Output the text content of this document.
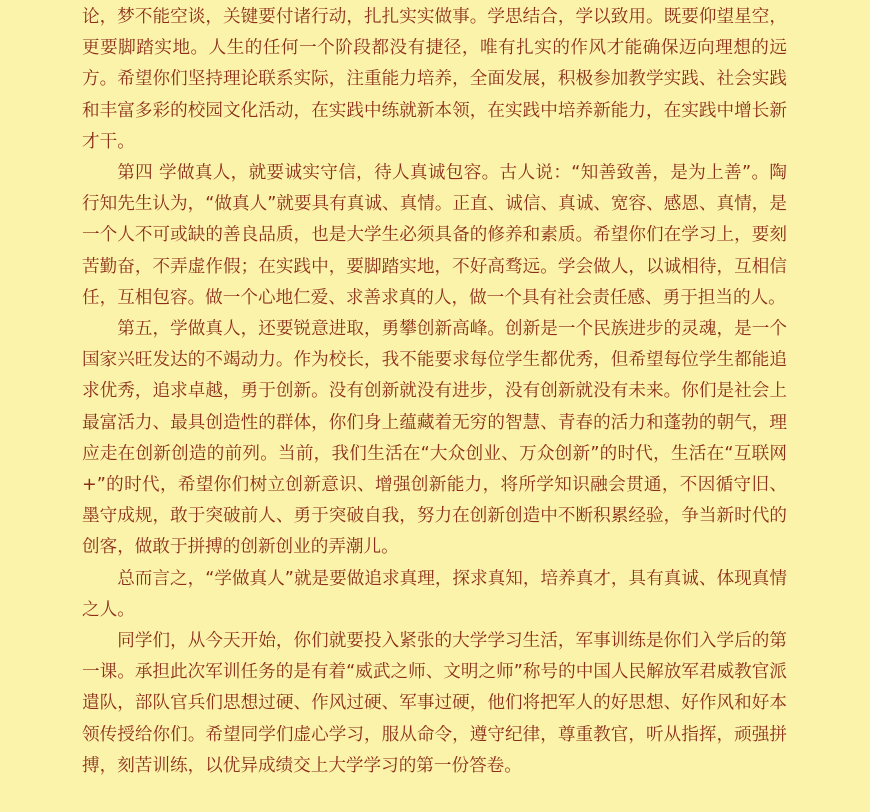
论，梦不能空谈，关键要付诸行动，扎扎实实做事。学思结合，学以致用。既要仰望星空，更要脚踏实地。人生的任何一个阶段都没有捷径，唯有扎实的作风才能确保迈向理想的远方。希望你们坚持理论联系实际，注重能力培养，全面发展，积极参加教学实践、社会实践和丰富多彩的校园文化活动，在实践中练就新本领，在实践中培养新能力，在实践中增长新才干。

第四 学做真人，就要诚实守信，待人真诚包容。古人说：“知善致善，是为上善”。陶行知先生认为，“做真人”就要具有真诚、真情。正直、诚信、真诚、宽容、感恩、真情，是一个人不可或缺的善良品质，也是大学生必须具备的修养和素质。希望你们在学习上，要刻苦勤奋，不弄虚作假；在实践中，要脚踏实地，不好高骛远。学会做人，以诚相待，互相信任，互相包容。做一个心地仁爱、求善求真的人，做一个具有社会责任感、勇于担当的人。

第五，学做真人，还要锐意进取，勇攀创新高峰。创新是一个民族进步的灵魂，是一个国家兴旺发达的不竭动力。作为校长，我不能要求每位学生都优秀，但希望每位学生都能追求优秀，追求卓越，勇于创新。没有创新就没有进步，没有创新就没有未来。你们是社会上最富活力、最具创造性的群体，你们身上蕴藏着无穷的智慧、青春的活力和蓬勃的朝气，理应走在创新创造的前列。当前，我们生活在“大众创业、万众创新”的时代，生活在“互联网+”的时代，希望你们树立创新意识、增强创新能力，将所学知识融会贯通，不因循守旧、墨守成规，敢于突破前人、勇于突破自我，努力在创新创造中不断积累经验，争当新时代的创客，做敢于拼搏的创新创业的弄潮儿。

总而言之，“学做真人”就是要做追求真理，探求真知，培养真才，具有真诚、体现真情之人。

同学们，从今天开始，你们就要投入紧张的大学学习生活，军事训练是你们入学后的第一课。承担此次军训任务的是有着“威武之师、文明之师”称号的中国人民解放军君威教官派遣队，部队官兵们思想过硬、作风过硬、军事过硬，他们将把军人的好思想、好作风和好本领传授给你们。希望同学们虚心学习，服从命令，遵守纪律，尊重教官，听从指挥，顽强拼搏，刻苦训练，以优异成绩交上大学学习的第一份答卷。
